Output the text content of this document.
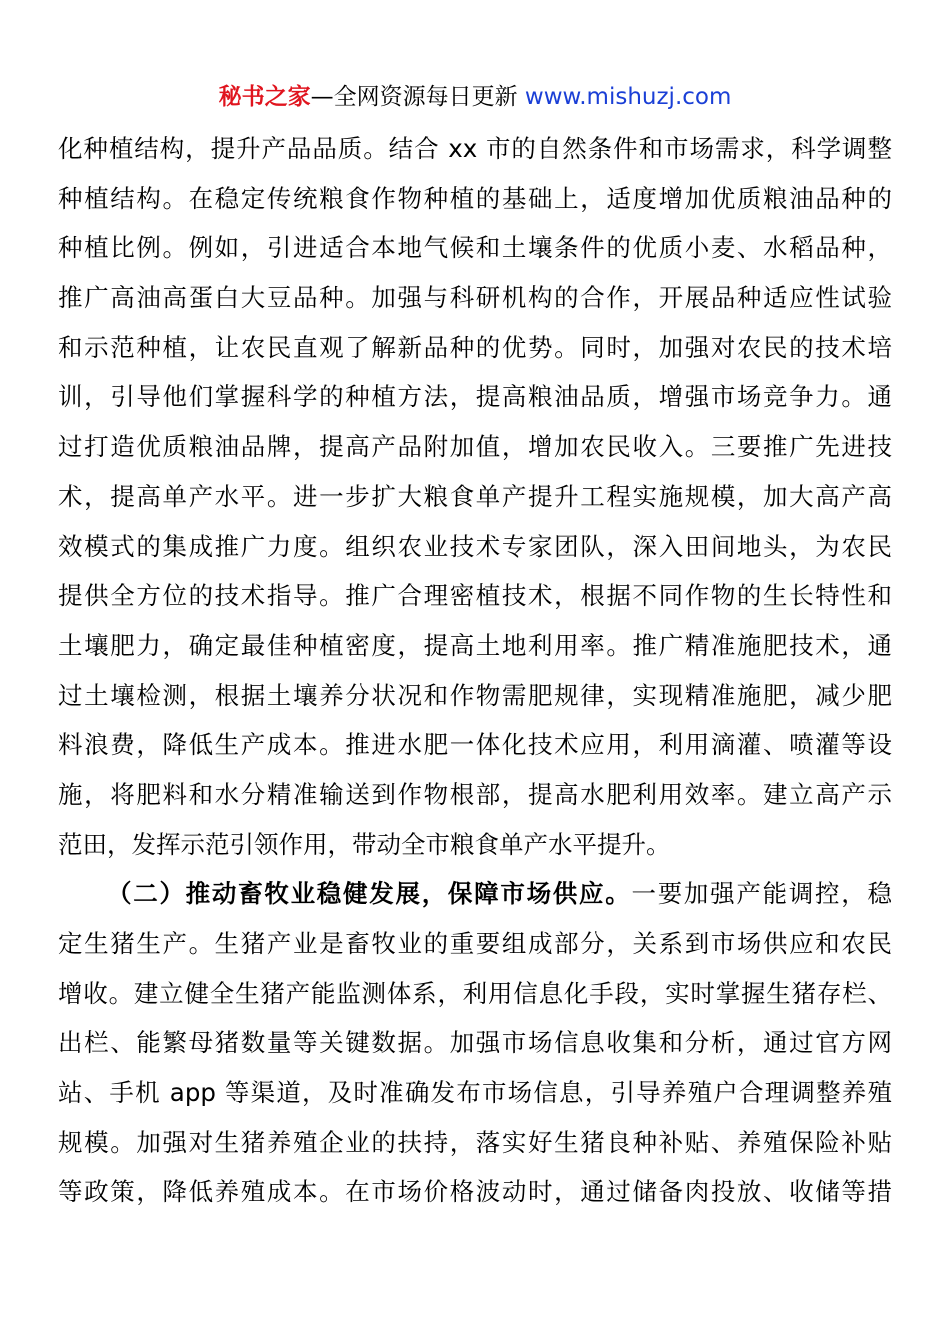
秘书之家—全网资源每日更新 www.mishuzj.com
化种植结构，提升产品品质。结合 xx 市的自然条件和市场需求，科学调整
种植结构。在稳定传统粮食作物种植的基础上，适度增加优质粮油品种的
种植比例。例如，引进适合本地气候和土壤条件的优质小麦、水稻品种，
推广高油高蛋白大豆品种。加强与科研机构的合作，开展品种适应性试验
和示范种植，让农民直观了解新品种的优势。同时，加强对农民的技术培
训，引导他们掌握科学的种植方法，提高粮油品质，增强市场竞争力。通
过打造优质粮油品牌，提高产品附加值，增加农民收入。三要推广先进技
术，提高单产水平。进一步扩大粮食单产提升工程实施规模，加大高产高
效模式的集成推广力度。组织农业技术专家团队，深入田间地头，为农民
提供全方位的技术指导。推广合理密植技术，根据不同作物的生长特性和
土壤肥力，确定最佳种植密度，提高土地利用率。推广精准施肥技术，通
过土壤检测，根据土壤养分状况和作物需肥规律，实现精准施肥，减少肥
料浪费，降低生产成本。推进水肥一体化技术应用，利用滴灌、喷灌等设
施，将肥料和水分精准输送到作物根部，提高水肥利用效率。建立高产示
范田，发挥示范引领作用，带动全市粮食单产水平提升。
（二）推动畜牧业稳健发展，保障市场供应。一要加强产能调控，稳
定生猪生产。生猪产业是畜牧业的重要组成部分，关系到市场供应和农民
增收。建立健全生猪产能监测体系，利用信息化手段，实时掌握生猪存栏、
出栏、能繁母猪数量等关键数据。加强市场信息收集和分析，通过官方网
站、手机 app 等渠道，及时准确发布市场信息，引导养殖户合理调整养殖
规模。加强对生猪养殖企业的扶持，落实好生猪良种补贴、养殖保险补贴
等政策，降低养殖成本。在市场价格波动时，通过储备肉投放、收储等措
